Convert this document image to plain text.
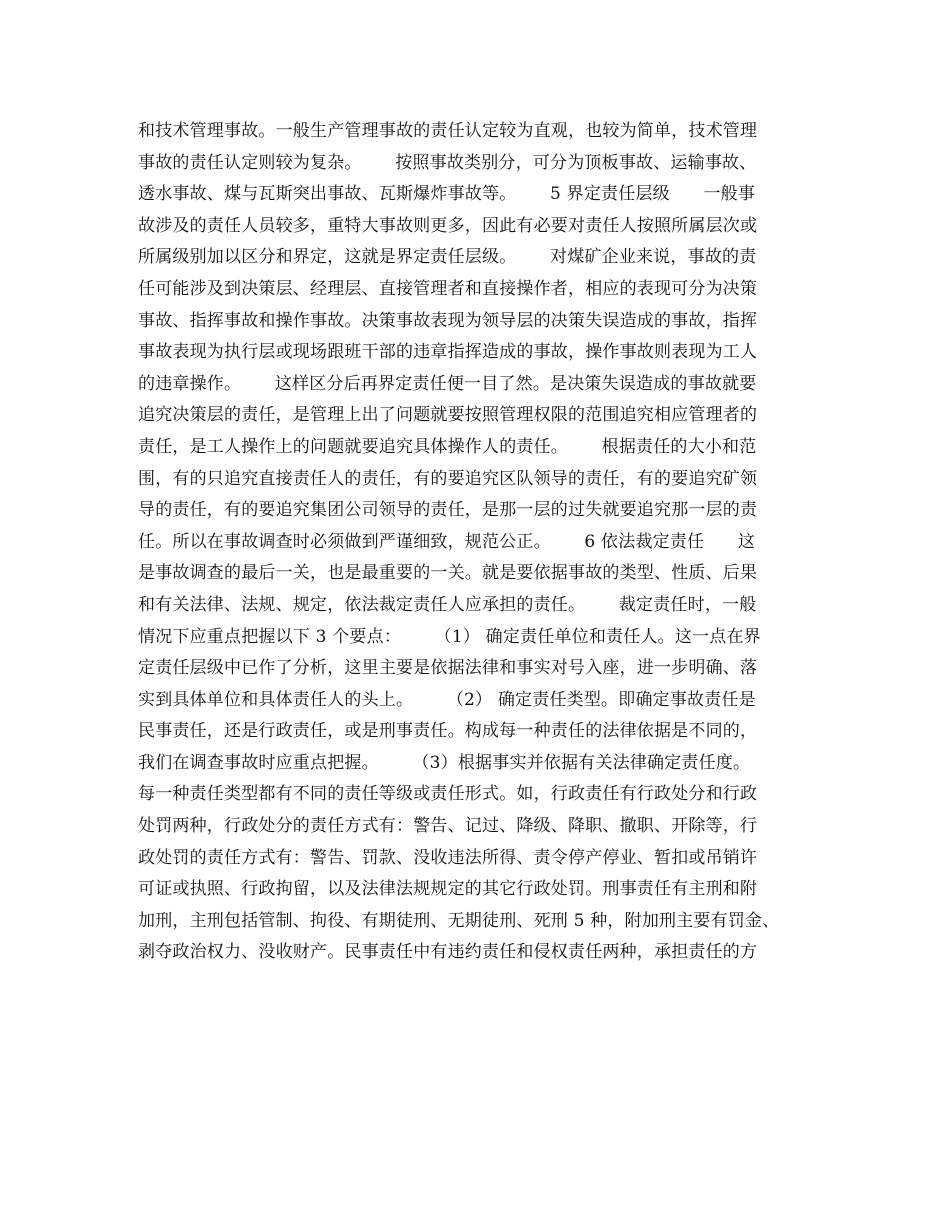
和技术管理事故。一般生产管理事故的责任认定较为直观，也较为简单，技术管理
事故的责任认定则较为复杂。      按照事故类别分，可分为顶板事故、运输事故、
透水事故、煤与瓦斯突出事故、瓦斯爆炸事故等。      5 界定责任层级      一般事
故涉及的责任人员较多，重特大事故则更多，因此有必要对责任人按照所属层次或
所属级别加以区分和界定，这就是界定责任层级。      对煤矿企业来说，事故的责
任可能涉及到决策层、经理层、直接管理者和直接操作者，相应的表现可分为决策
事故、指挥事故和操作事故。决策事故表现为领导层的决策失误造成的事故，指挥
事故表现为执行层或现场跟班干部的违章指挥造成的事故，操作事故则表现为工人
的违章操作。      这样区分后再界定责任便一目了然。是决策失误造成的事故就要
追究决策层的责任，是管理上出了问题就要按照管理权限的范围追究相应管理者的
责任，是工人操作上的问题就要追究具体操作人的责任。      根据责任的大小和范
围，有的只追究直接责任人的责任，有的要追究区队领导的责任，有的要追究矿领
导的责任，有的要追究集团公司领导的责任，是那一层的过失就要追究那一层的责
任。所以在事故调查时必须做到严谨细致，规范公正。      6 依法裁定责任      这
是事故调查的最后一关，也是最重要的一关。就是要依据事故的类型、性质、后果
和有关法律、法规、规定，依法裁定责任人应承担的责任。      裁定责任时，一般
情况下应重点把握以下 3 个要点：      （1） 确定责任单位和责任人。这一点在界
定责任层级中已作了分析，这里主要是依据法律和事实对号入座，进一步明确、落
实到具体单位和具体责任人的头上。      （2） 确定责任类型。即确定事故责任是
民事责任，还是行政责任，或是刑事责任。构成每一种责任的法律依据是不同的，
我们在调查事故时应重点把握。      （3）根据事实并依据有关法律确定责任度。
每一种责任类型都有不同的责任等级或责任形式。如，行政责任有行政处分和行政
处罚两种，行政处分的责任方式有：警告、记过、降级、降职、撤职、开除等，行
政处罚的责任方式有：警告、罚款、没收违法所得、责令停产停业、暂扣或吊销许
可证或执照、行政拘留，以及法律法规规定的其它行政处罚。刑事责任有主刑和附
加刑，主刑包括管制、拘役、有期徒刑、无期徒刑、死刑 5 种，附加刑主要有罚金、
剥夺政治权力、没收财产。民事责任中有违约责任和侵权责任两种，承担责任的方
